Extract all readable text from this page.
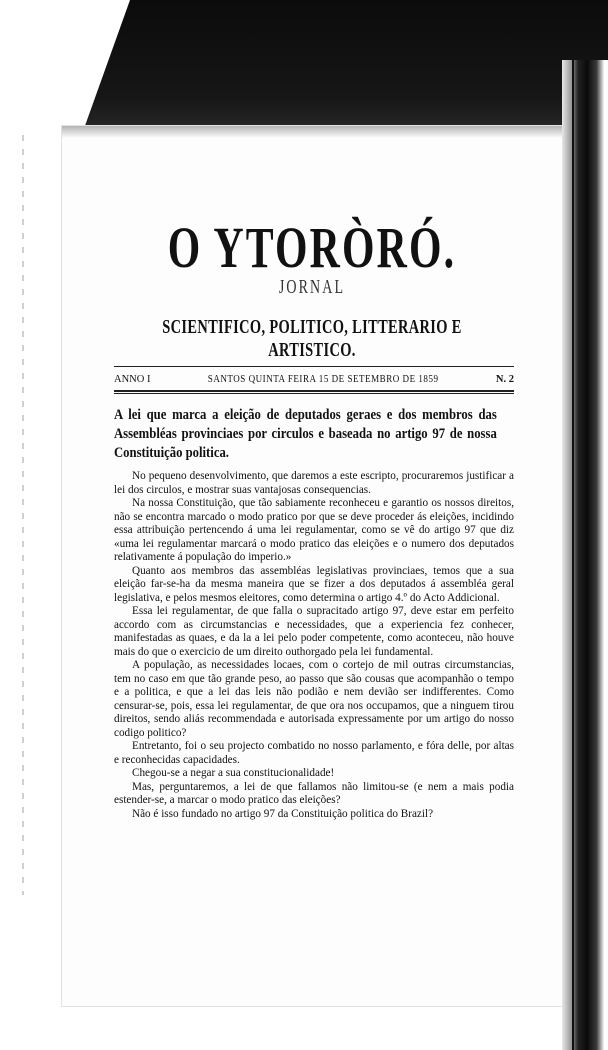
O YTORÒRÓ.
JORNAL
SCIENTIFICO, POLITICO, LITTERARIO E ARTISTICO.
ANNO I	SANTOS QUINTA FEIRA 15 DE SETEMBRO DE 1859	N. 2
A lei que marca a eleição de deputados geraes e dos membros das Assembléas provinciaes por circulos e baseada no artigo 97 de nossa Constituição politica.

No pequeno desenvolvimento, que daremos a este escripto, procuraremos justificar a lei dos circulos, e mostrar suas vantajosas consequencias.

Na nossa Constituição, que tão sabiamente reconheceu e garantio os nossos direitos, não se encontra marcado o modo pratico por que se deve proceder ás eleições, incidindo essa attribuição pertencendo á uma lei regulamentar, como se vê do artigo 97 que diz «uma lei regulamentar marcará o modo pratico das eleições e o numero dos deputados relativamente á população do imperio.»

Quanto aos membros das assembléas legislativas provinciaes, temos que a sua eleição far-se-ha da mesma maneira que se fizer a dos deputados á assembléa geral legislativa, e pelos mesmos eleitores, como determina o artigo 4.º do Acto Addicional.

Essa lei regulamentar, de que falla o supracitado artigo 97, deve estar em perfeito accordo com as circumstancias e necessidades, que a experiencia fez conhecer, manifestadas as quaes, e da la a lei pelo poder competente, como aconteceu, não houve mais do que o exercicio de um direito outhorgado pela lei fundamental.

A população, as necessidades locaes, com o cortejo de mil outras circumstancias, tem no caso em que tão grande peso, ao passo que são cousas que acompanhão o tempo e a politica, e que a lei das leis não podião e nem devião ser indifferentes. Como censurar-se, pois, essa lei regulamentar, de que ora nos occupamos, que a ninguem tirou direitos, sendo aliás recommendada e autorisada expressamente por um artigo do nosso codigo politico?

Entretanto, foi o seu projecto combatido no nosso parlamento, e fóra delle, por altas e reconhecidas capacidades.

Chegou-se a negar a sua constitucionalidade!

Mas, perguntaremos, a lei de que fallamos não limitou-se (e nem a mais podia estender-se, a marcar o modo pratico das eleições?

Não é isso fundado no artigo 97 da Constituição politica do Brazil?
